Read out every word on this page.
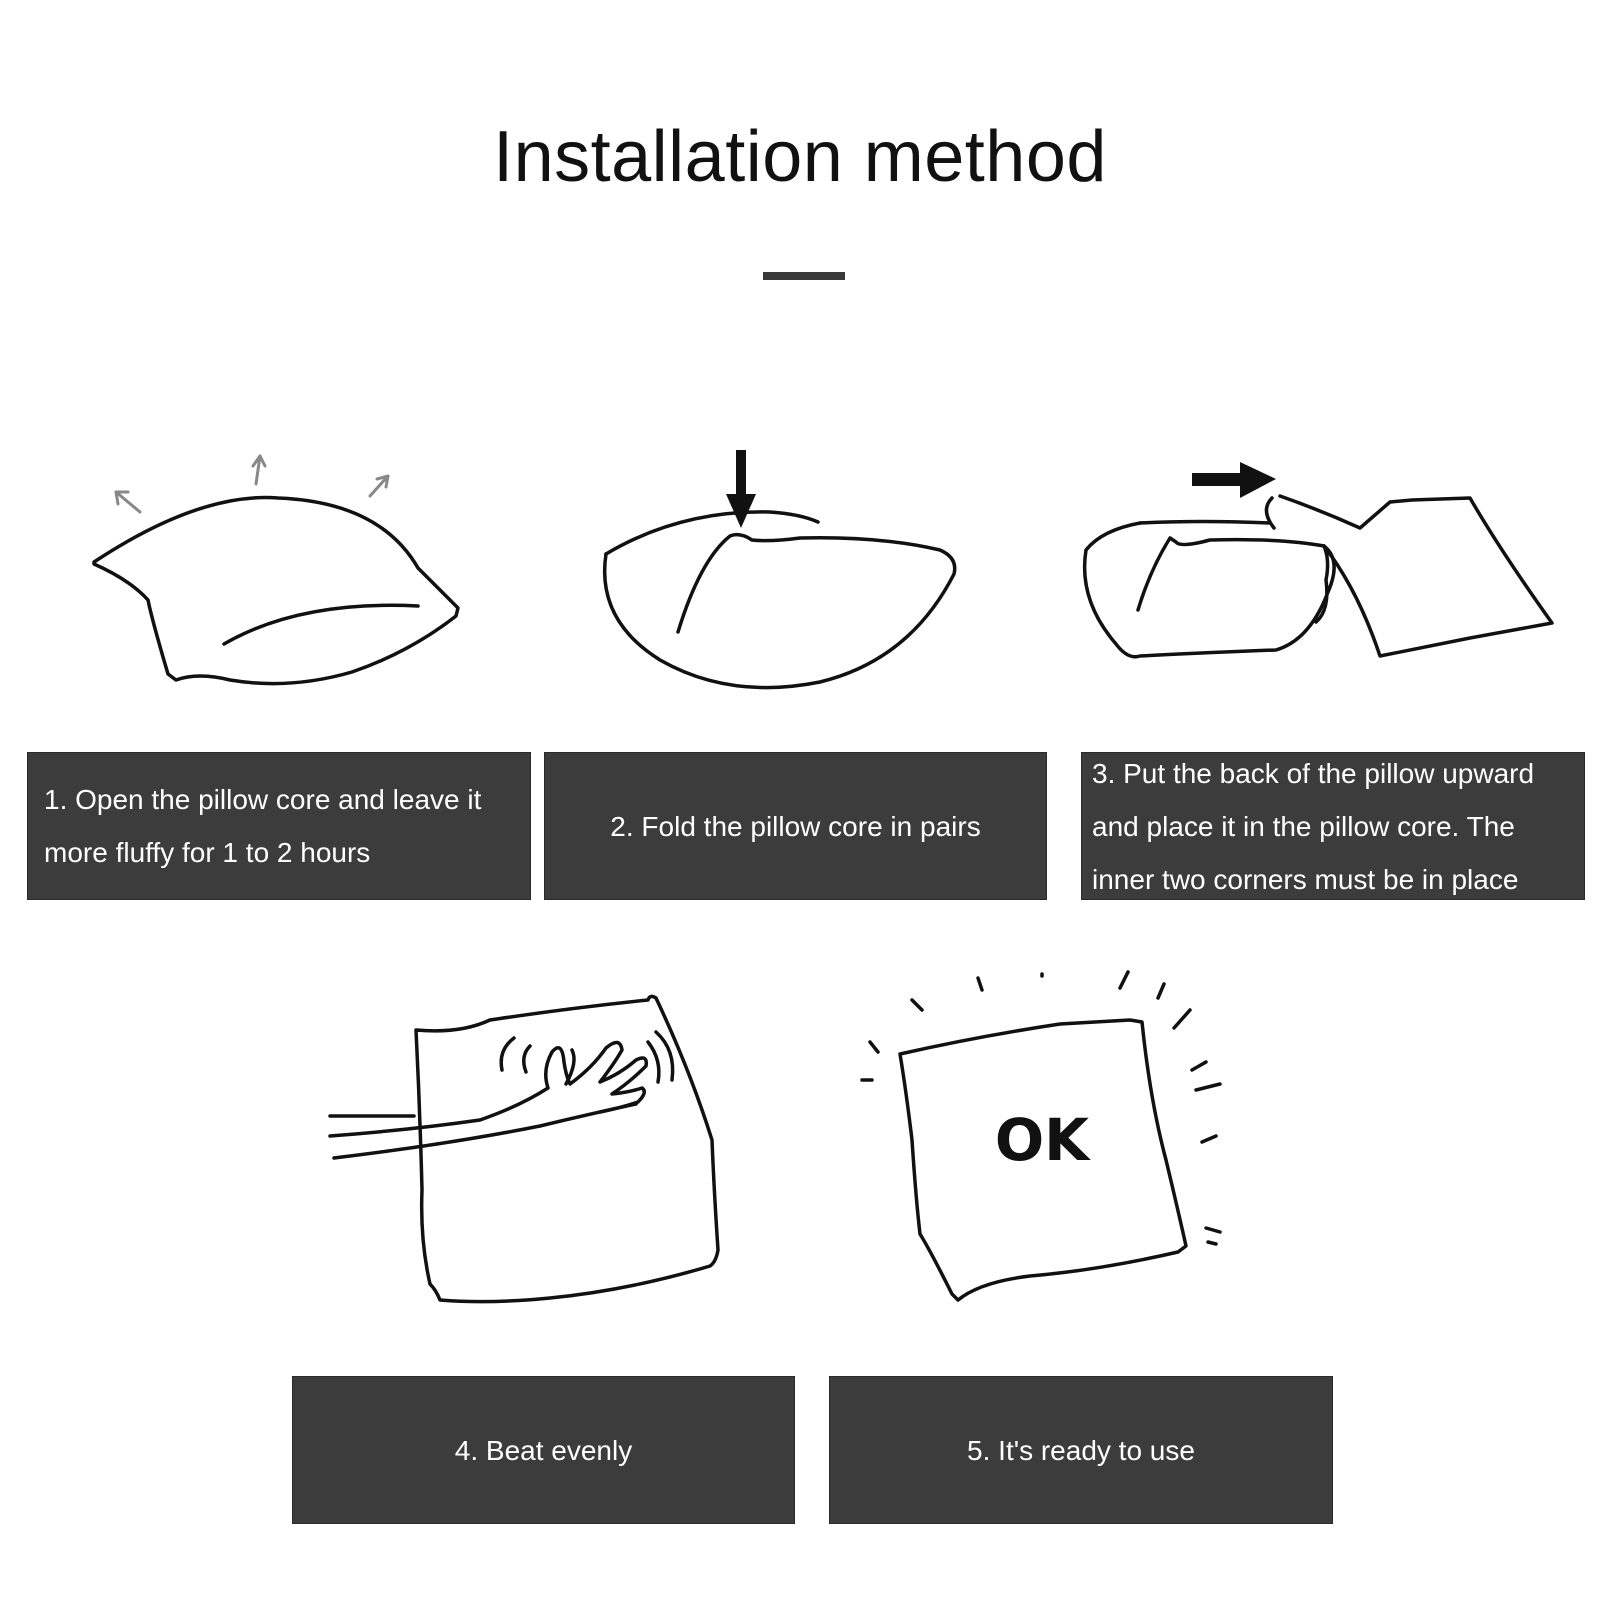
Installation method
OK
1. Open the pillow core and leave it more fluffy for 1 to 2 hours
2. Fold the pillow core in pairs
3. Put the back of the pillow upward and place it in the pillow core. The inner two corners must be in place
4. Beat evenly	5. It's ready to use
